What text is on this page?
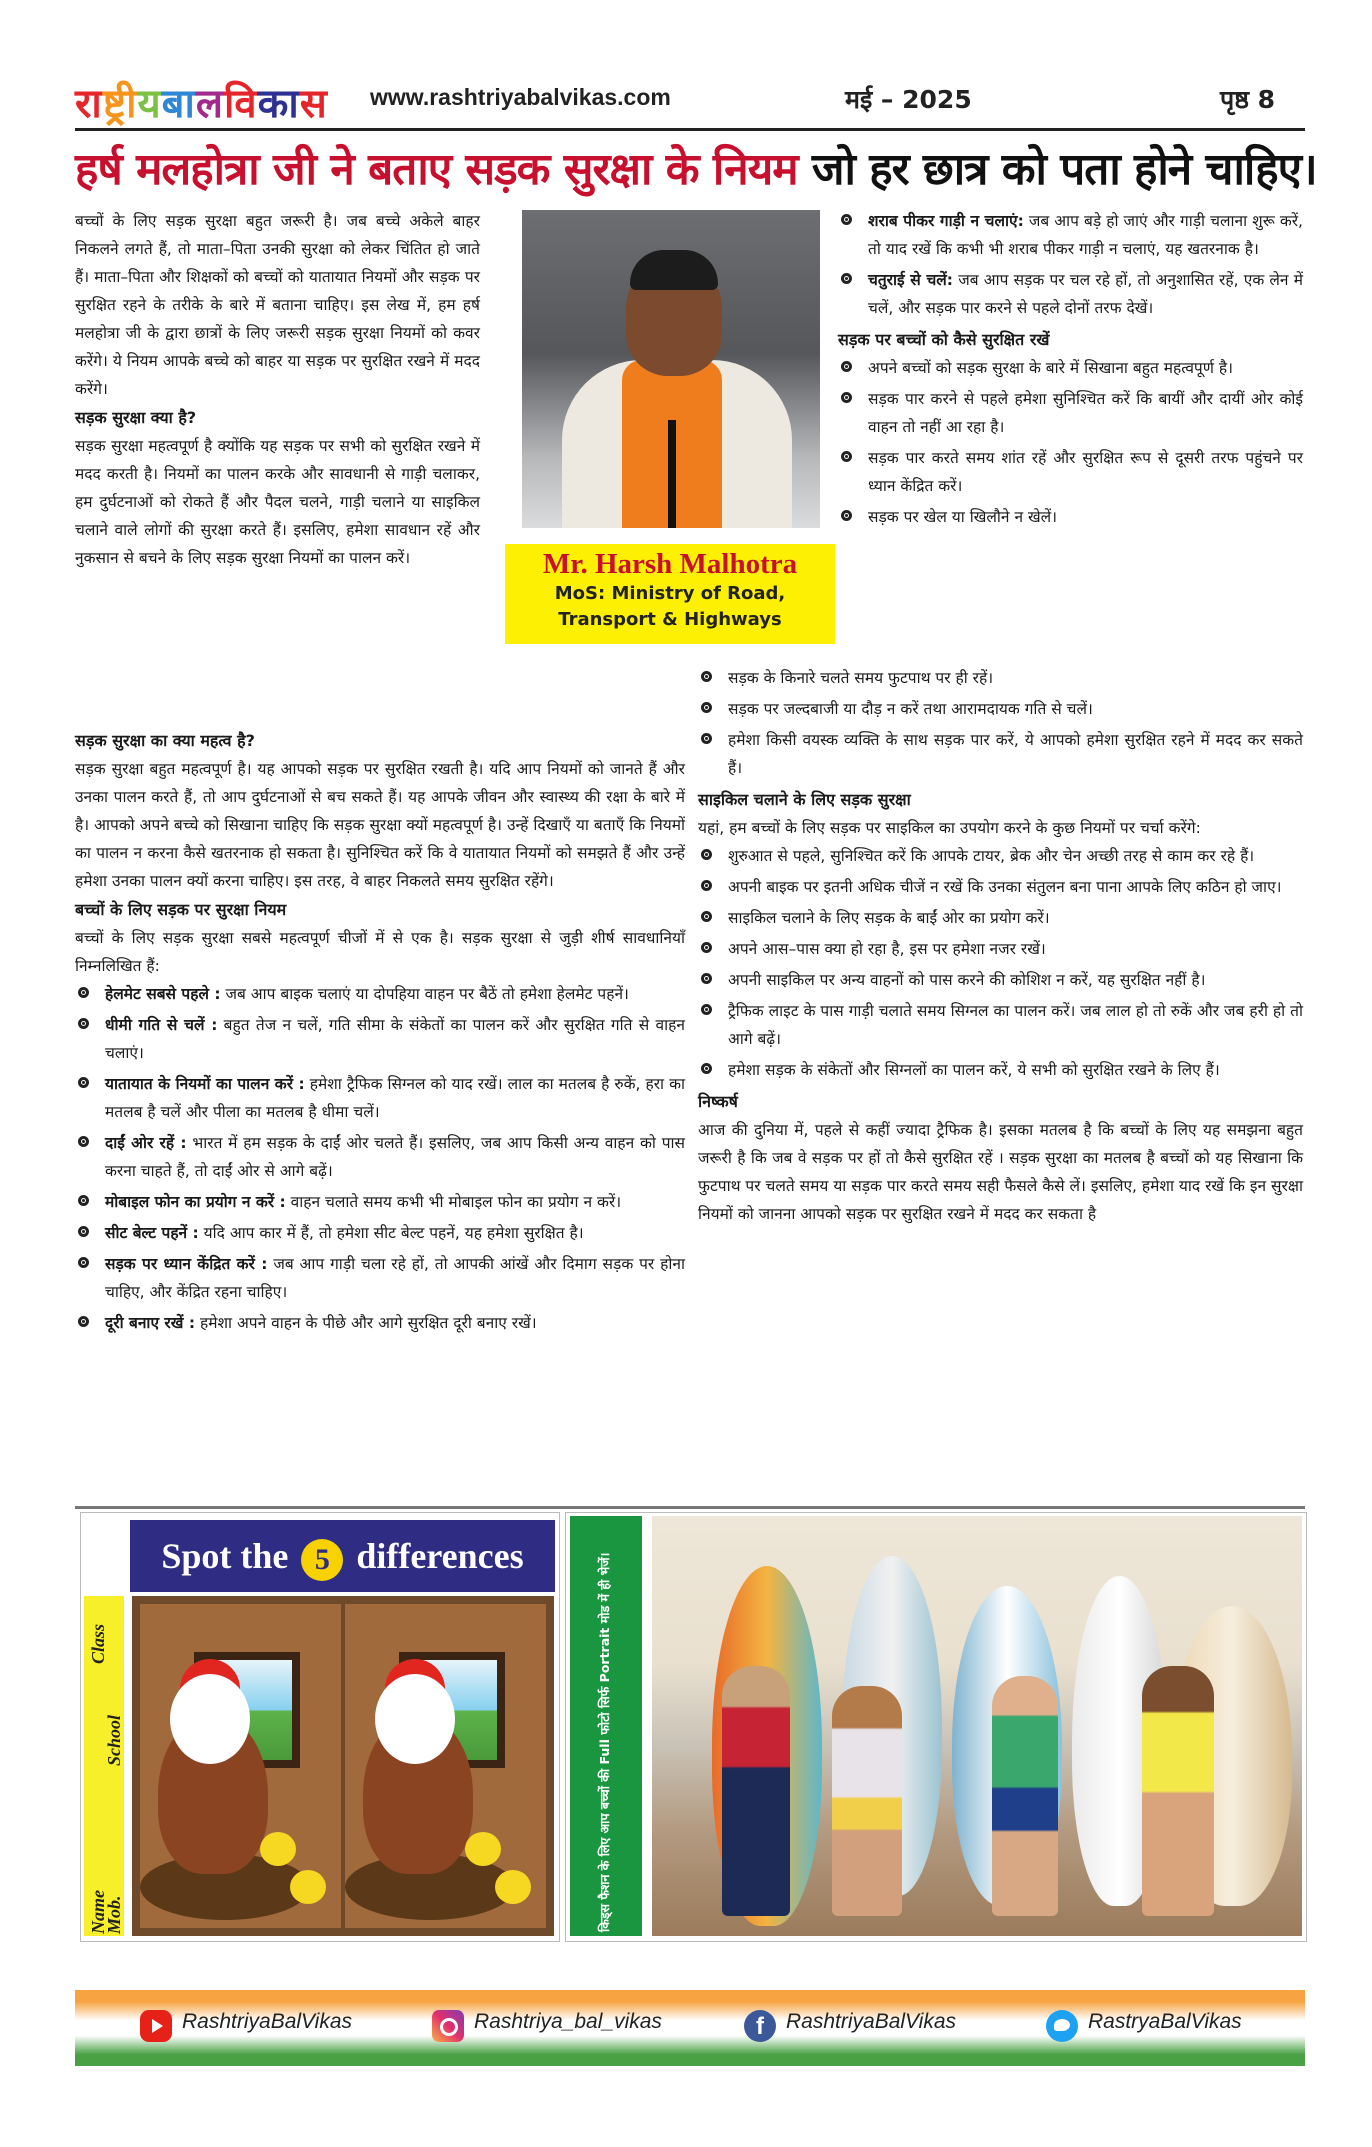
राष्ट्रीयबालविकास www.rashtriyabalvikas.com	मई – 2025	पृष्ठ 8
हर्ष मलहोत्रा जी ने बताए सड़क सुरक्षा के नियम जो हर छात्र को पता होने चाहिए।

बच्चों के लिए सड़क सुरक्षा बहुत जरूरी है। जब बच्चे अकेले बाहर निकलने लगते हैं, तो माता–पिता उनकी सुरक्षा को लेकर चिंतित हो जाते हैं। माता–पिता और शिक्षकों को बच्चों को यातायात नियमों और सड़क पर सुरक्षित रहने के तरीके के बारे में बताना चाहिए। इस लेख में, हम हर्ष मलहोत्रा जी के द्वारा छात्रों के लिए जरूरी सड़क सुरक्षा नियमों को कवर करेंगे। ये नियम आपके बच्चे को बाहर या सड़क पर सुरक्षित रखने में मदद करेंगे।

सड़क सुरक्षा क्या है?

सड़क सुरक्षा महत्वपूर्ण है क्योंकि यह सड़क पर सभी को सुरक्षित रखने में मदद करती है। नियमों का पालन करके और सावधानी से गाड़ी चलाकर, हम दुर्घटनाओं को रोकते हैं और पैदल चलने, गाड़ी चलाने या साइकिल चलाने वाले लोगों की सुरक्षा करते हैं। इसलिए, हमेशा सावधान रहें और नुकसान से बचने के लिए सड़क सुरक्षा नियमों का पालन करें।	Mr. Harsh Malhotra
MoS: Ministry of Road,
Transport & Highways
सड़क सुरक्षा का क्या महत्व है?

सड़क सुरक्षा बहुत महत्वपूर्ण है। यह आपको सड़क पर सुरक्षित रखती है। यदि आप नियमों को जानते हैं और उनका पालन करते हैं, तो आप दुर्घटनाओं से बच सकते हैं। यह आपके जीवन और स्वास्थ्य की रक्षा के बारे में है। आपको अपने बच्चे को सिखाना चाहिए कि सड़क सुरक्षा क्यों महत्वपूर्ण है। उन्हें दिखाएँ या बताएँ कि नियमों का पालन न करना कैसे खतरनाक हो सकता है। सुनिश्चित करें कि वे यातायात नियमों को समझते हैं और उन्हें हमेशा उनका पालन क्यों करना चाहिए। इस तरह, वे बाहर निकलते समय सुरक्षित रहेंगे।

बच्चों के लिए सड़क पर सुरक्षा नियम

बच्चों के लिए सड़क सुरक्षा सबसे महत्वपूर्ण चीजों में से एक है। सड़क सुरक्षा से जुड़ी शीर्ष सावधानियाँ निम्नलिखित हैं:

हेलमेट सबसे पहले : जब आप बाइक चलाएं या दोपहिया वाहन पर बैठें तो हमेशा हेलमेट पहनें।
धीमी गति से चलें : बहुत तेज न चलें, गति सीमा के संकेतों का पालन करें और सुरक्षित गति से वाहन चलाएं।
यातायात के नियमों का पालन करें : हमेशा ट्रैफिक सिग्नल को याद रखें। लाल का मतलब है रुकें, हरा का मतलब है चलें और पीला का मतलब है धीमा चलें।
दाईं ओर रहें : भारत में हम सड़क के दाईं ओर चलते हैं। इसलिए, जब आप किसी अन्य वाहन को पास करना चाहते हैं, तो दाईं ओर से आगे बढ़ें।
मोबाइल फोन का प्रयोग न करें : वाहन चलाते समय कभी भी मोबाइल फोन का प्रयोग न करें।
सीट बेल्ट पहनें : यदि आप कार में हैं, तो हमेशा सीट बेल्ट पहनें, यह हमेशा सुरक्षित है।
सड़क पर ध्यान केंद्रित करें : जब आप गाड़ी चला रहे हों, तो आपकी आंखें और दिमाग सड़क पर होना चाहिए, और केंद्रित रहना चाहिए।
दूरी बनाए रखें : हमेशा अपने वाहन के पीछे और आगे सुरक्षित दूरी बनाए रखें।
शराब पीकर गाड़ी न चलाएं: जब आप बड़े हो जाएं और गाड़ी चलाना शुरू करें, तो याद रखें कि कभी भी शराब पीकर गाड़ी न चलाएं, यह खतरनाक है।
चतुराई से चलें: जब आप सड़क पर चल रहे हों, तो अनुशासित रहें, एक लेन में चलें, और सड़क पार करने से पहले दोनों तरफ देखें।
सड़क पर बच्चों को कैसे सुरक्षित रखें
अपने बच्चों को सड़क सुरक्षा के बारे में सिखाना बहुत महत्वपूर्ण है।
सड़क पार करने से पहले हमेशा सुनिश्चित करें कि बायीं और दायीं ओर कोई वाहन तो नहीं आ रहा है।
सड़क पार करते समय शांत रहें और सुरक्षित रूप से दूसरी तरफ पहुंचने पर ध्यान केंद्रित करें।
सड़क पर खेल या खिलौने न खेलें।
सड़क के किनारे चलते समय फुटपाथ पर ही रहें।
सड़क पर जल्दबाजी या दौड़ न करें तथा आरामदायक गति से चलें।
हमेशा किसी वयस्क व्यक्ति के साथ सड़क पार करें, ये आपको हमेशा सुरक्षित रहने में मदद कर सकते हैं।
साइकिल चलाने के लिए सड़क सुरक्षा

यहां, हम बच्चों के लिए सड़क पर साइकिल का उपयोग करने के कुछ नियमों पर चर्चा करेंगे:

शुरुआत से पहले, सुनिश्चित करें कि आपके टायर, ब्रेक और चेन अच्छी तरह से काम कर रहे हैं।
अपनी बाइक पर इतनी अधिक चीजें न रखें कि उनका संतुलन बना पाना आपके लिए कठिन हो जाए।
साइकिल चलाने के लिए सड़क के बाईं ओर का प्रयोग करें।
अपने आस–पास क्या हो रहा है, इस पर हमेशा नजर रखें।
अपनी साइकिल पर अन्य वाहनों को पास करने की कोशिश न करें, यह सुरक्षित नहीं है।
ट्रैफिक लाइट के पास गाड़ी चलाते समय सिग्नल का पालन करें। जब लाल हो तो रुकें और जब हरी हो तो आगे बढ़ें।
हमेशा सड़क के संकेतों और सिग्नलों का पालन करें, ये सभी को सुरक्षित रखने के लिए हैं।
निष्कर्ष

आज की दुनिया में, पहले से कहीं ज्यादा ट्रैफिक है। इसका मतलब है कि बच्चों के लिए यह समझना बहुत जरूरी है कि जब वे सड़क पर हों तो कैसे सुरक्षित रहें । सड़क सुरक्षा का मतलब है बच्चों को यह सिखाना कि फुटपाथ पर चलते समय या सड़क पार करते समय सही फैसले कैसे लें। इसलिए, हमेशा याद रखें कि इन सुरक्षा नियमों को जानना आपको सड़क पर सुरक्षित रखने में मदद कर सकता है

Spot the 5 differences
Name
Mob.
School
Class	किड्स फैशन के लिए आप बच्चों की Full फोटो सिर्फ Portrait मोड में ही भेजें।
RashtriyaBalVikas	Rashtriya_bal_vikas	f	RashtriyaBalVikas	RastryaBalVikas
